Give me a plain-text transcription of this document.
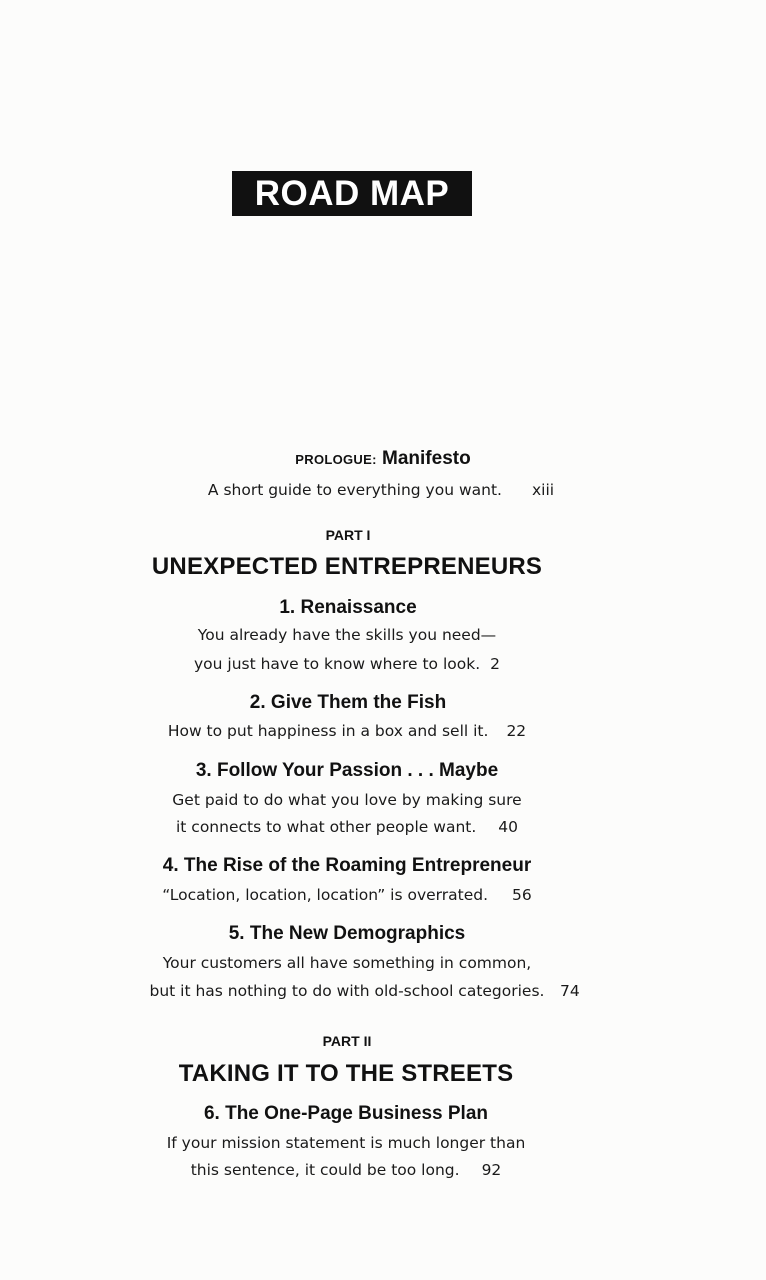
ROAD MAP
PROLOGUE: Manifesto
A short guide to everything you want. xiii
PART I
UNEXPECTED ENTREPRENEURS
1. Renaissance
You already have the skills you need—
you just have to know where to look. 2
2. Give Them the Fish
How to put happiness in a box and sell it. 22
3. Follow Your Passion . . . Maybe
Get paid to do what you love by making sure
it connects to what other people want. 40
4. The Rise of the Roaming Entrepreneur
“Location, location, location” is overrated. 56
5. The New Demographics
Your customers all have something in common,
but it has nothing to do with old-school categories.	74
PART II
TAKING IT TO THE STREETS
6. The One-Page Business Plan
If your mission statement is much longer than
this sentence, it could be too long. 92
